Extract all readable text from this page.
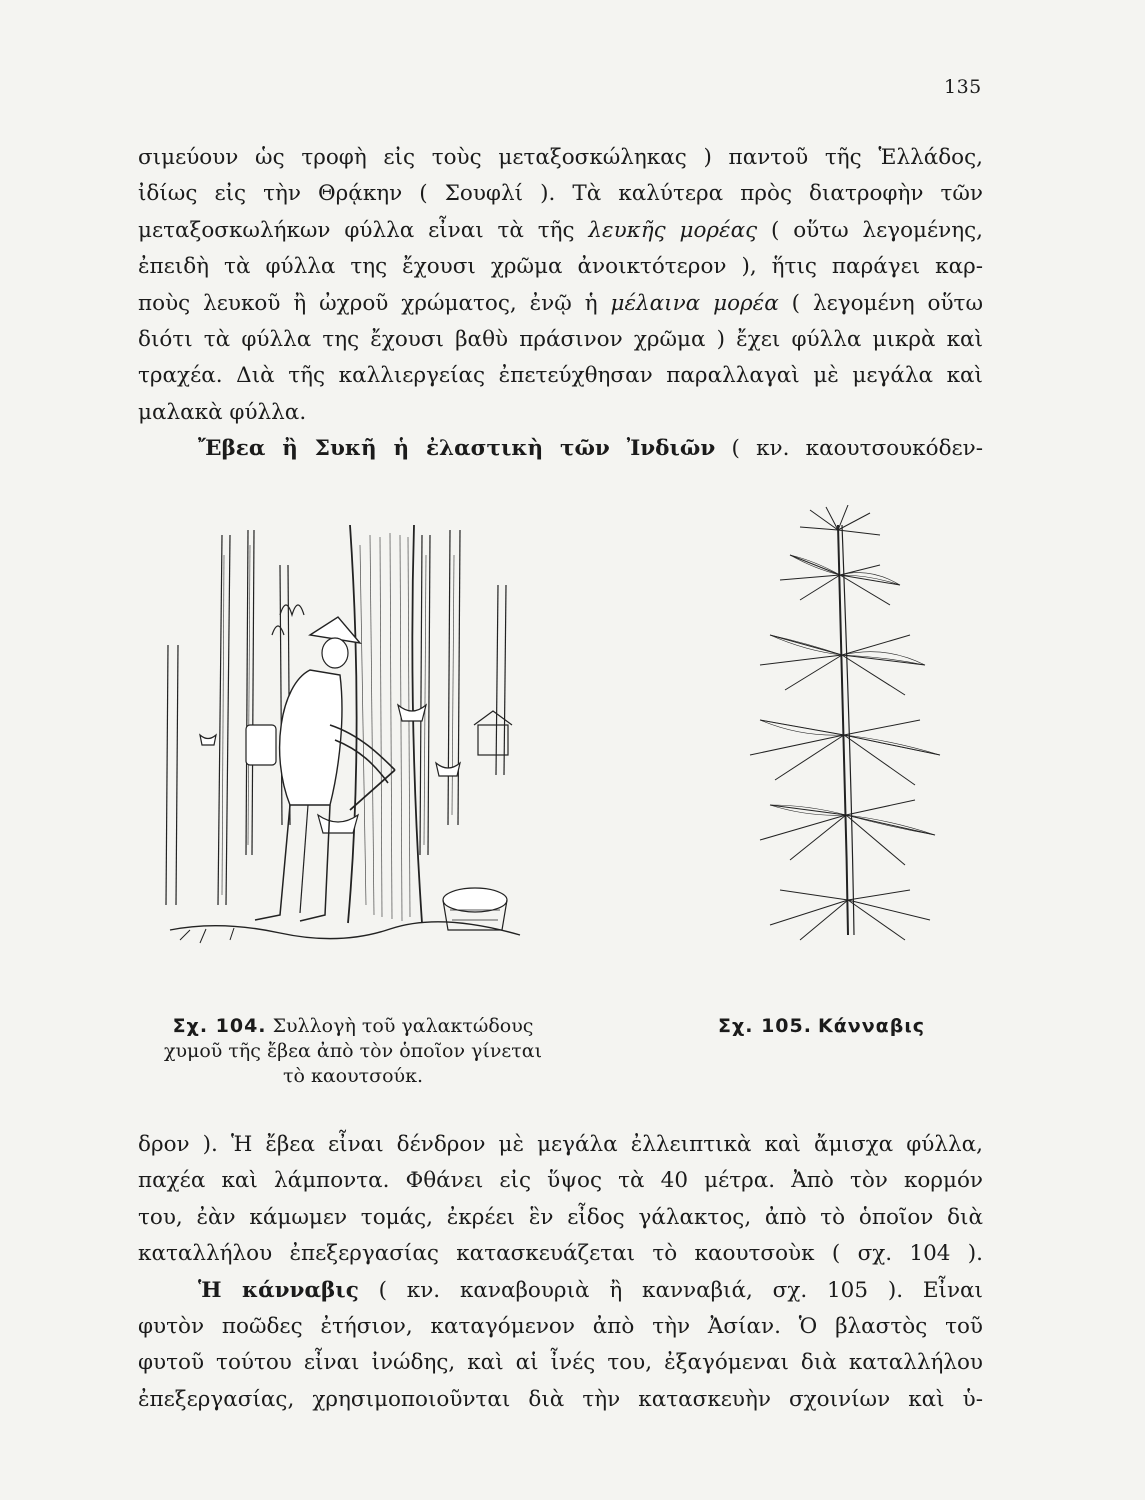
135
σιμεύουν ὡς τροφὴ εἰς τοὺς μεταξοσκώληκας ) παντοῦ τῆς Ἑλλάδος,
ἰδίως εἰς τὴν Θρᾴκην ( Σουφλί ). Τὰ καλύτερα πρὸς διατροφὴν τῶν
μεταξοσκωλήκων φύλλα εἶναι τὰ τῆς λευκῆς μορέας ( οὕτω λεγομένης,
ἐπειδὴ τὰ φύλλα της ἔχουσι χρῶμα ἀνοικτότερον ), ἥτις παράγει καρ-
ποὺς λευκοῦ ἢ ὠχροῦ χρώματος, ἐνῷ ἡ μέλαινα μορέα ( λεγομένη οὕτω
διότι τὰ φύλλα της ἔχουσι βαθὺ πράσινον χρῶμα ) ἔχει φύλλα μικρὰ καὶ
τραχέα. Διὰ τῆς καλλιεργείας ἐπετεύχθησαν παραλλαγαὶ μὲ μεγάλα καὶ
μαλακὰ φύλλα.
Ἔβεα ἢ Συκῆ ἡ ἐλαστικὴ τῶν Ἰνδιῶν ( κν. καουτσουκόδεν-
Σχ. 104. Συλλογὴ τοῦ γαλακτώδους
χυμοῦ τῆς ἔβεα ἀπὸ τὸν ὁποῖον γίνεται
τὸ καουτσούκ.
Σχ. 105. Κάνναβις
δρον ). Ἡ ἔβεα εἶναι δένδρον μὲ μεγάλα ἐλλειπτικὰ καὶ ἄμισχα φύλλα,
παχέα καὶ λάμποντα. Φθάνει εἰς ὕψος τὰ 40 μέτρα. Ἀπὸ τὸν κορμόν
του, ἐὰν κάμωμεν τομάς, ἐκρέει ἓν εἶδος γάλακτος, ἀπὸ τὸ ὁποῖον διὰ
καταλλήλου ἐπεξεργασίας κατασκευάζεται τὸ καουτσοὺκ ( σχ. 104 ).
Ἡ κάνναβις ( κν. καναβουριὰ ἢ κανναβιά, σχ. 105 ). Εἶναι
φυτὸν ποῶδες ἐτήσιον, καταγόμενον ἀπὸ τὴν Ἀσίαν. Ὁ βλαστὸς τοῦ
φυτοῦ τούτου εἶναι ἰνώδης, καὶ αἱ ἶνές του, ἐξαγόμεναι διὰ καταλλήλου
ἐπεξεργασίας, χρησιμοποιοῦνται διὰ τὴν κατασκευὴν σχοινίων καὶ ὑ-
